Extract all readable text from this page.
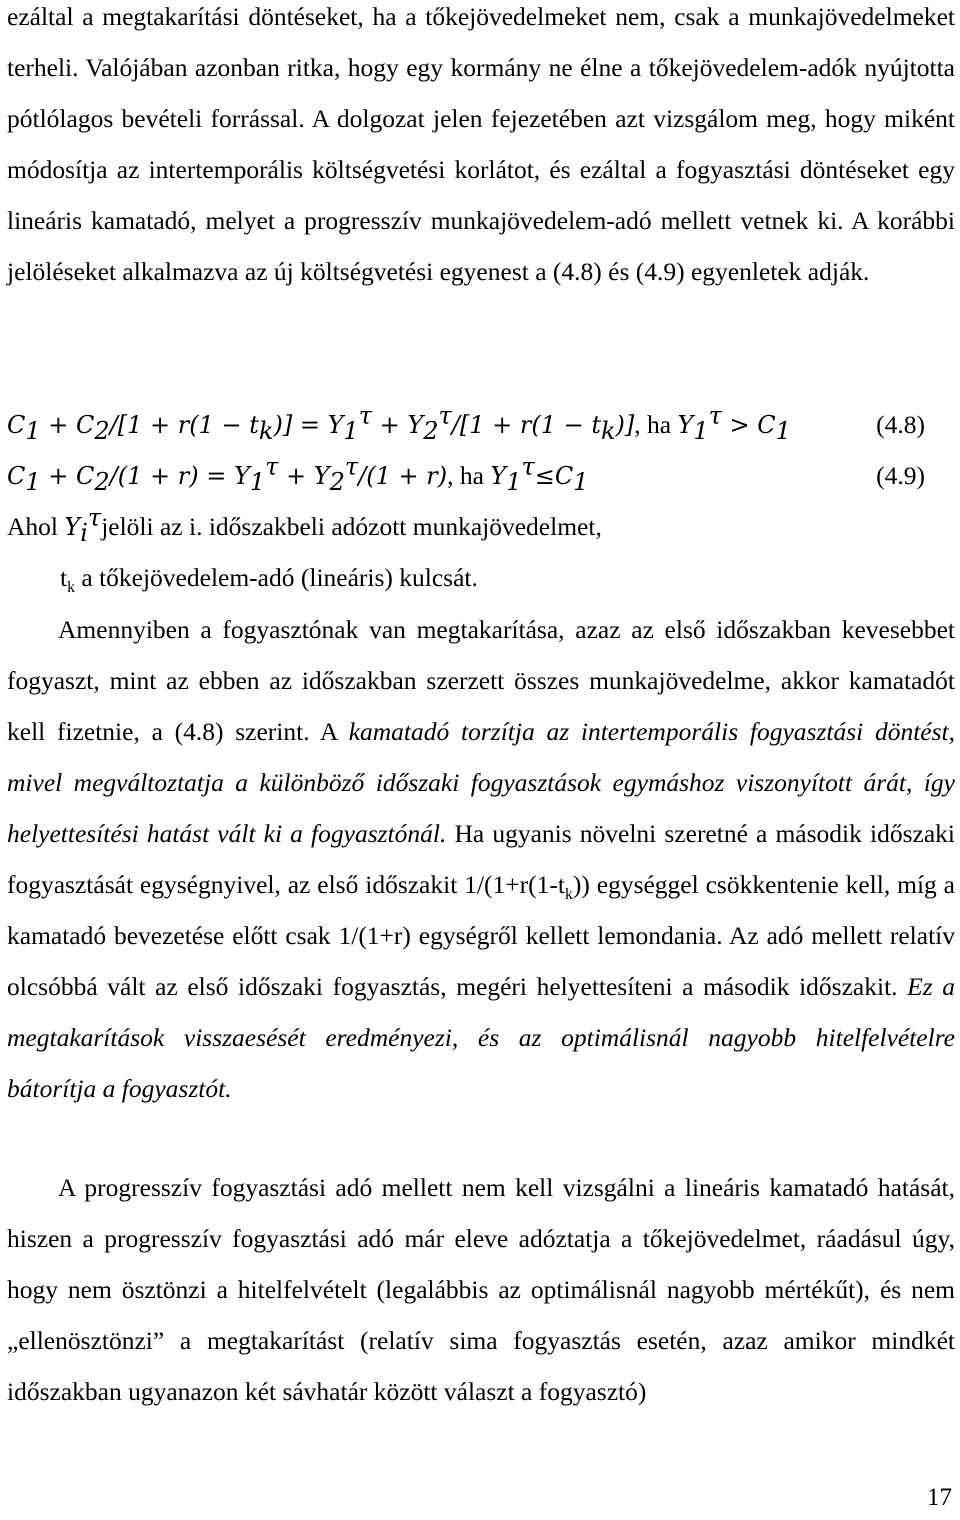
ezáltal a megtakarítási döntéseket, ha a tőkejövedelmeket nem, csak a munkajövedelmeket terheli. Valójában azonban ritka, hogy egy kormány ne élne a tőkejövedelem-adók nyújtotta pótlólagos bevételi forrással. A dolgozat jelen fejezetében azt vizsgálom meg, hogy miként módosítja az intertemporális költségvetési korlátot, és ezáltal a fogyasztási döntéseket egy lineáris kamatadó, melyet a progresszív munkajövedelem-adó mellett vetnek ki. A korábbi jelöléseket alkalmazva az új költségvetési egyenest a (4.8) és (4.9) egyenletek adják.

$C_1 + C_2/[1 + r(1 - t_k)] = Y_1^\tau + Y_2^\tau/[1 + r(1 - t_k)]$, ha $Y_1^\tau > C_1$	(4.8)
$C_1 + C_2/(1 + r) = Y_1^\tau + Y_2^\tau/(1 + r)$, ha $Y_1^\tau\le C_1$	(4.9)
Ahol $Y_i^\tau jelöli$ az i. időszakbeli adózott munkajövedelmet,
$t_k$ a tőkejövedelem-adó (lineáris) kulcsát.

Amennyiben a fogyasztónak van megtakarítása, azaz az első időszakban kevesebbet fogyaszt, mint az ebben az időszakban szerzett összes munkajövedelme, akkor kamatadót kell fizetnie, a (4.8) szerint. A kamatadó torzítja az intertemporális fogyasztási döntést, mivel megváltoztatja a különböző időszaki fogyasztások egymáshoz viszonyított árát, így helyettesítési hatást vált ki a fogyasztónál. Ha ugyanis növelni szeretné a második időszaki fogyasztását egységnyivel, az első időszakit $1/(1+r(1-t_k))$ egységgel csökkentenie kell, míg a kamatadó bevezetése előtt csak 1/(1+r) egységről kellett lemondania. Az adó mellett relatív olcsóbbá vált az első időszaki fogyasztás, megéri helyettesíteni a második időszakit. Ez a megtakarítások visszaesését eredményezi, és az optimálisnál nagyobb hitelfelvételre bátorítja a fogyasztót.

A progresszív fogyasztási adó mellett nem kell vizsgálni a lineáris kamatadó hatását, hiszen a progresszív fogyasztási adó már eleve adóztatja a tőkejövedelmet, ráadásul úgy, hogy nem ösztönzi a hitelfelvételt (legalábbis az optimálisnál nagyobb mértékűt), és nem „ellenösztönzi” a megtakarítást (relatív sima fogyasztás esetén, azaz amikor mindkét időszakban ugyanazon két sávhatár között választ a fogyasztó)

17
